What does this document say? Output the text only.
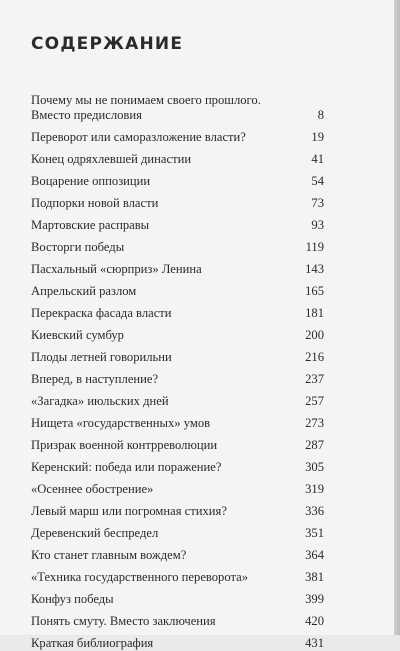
СОДЕРЖАНИЕ
Почему мы не понимаем своего прошлого.
Вместо предисловия	8
Переворот или саморазложение власти?	19
Конец одряхлевшей династии	41
Воцарение оппозиции	54
Подпорки новой власти	73
Мартовские расправы	93
Восторги победы	119
Пасхальный «сюрприз» Ленина	143
Апрельский разлом	165
Перекраска фасада власти	181
Киевский сумбур	200
Плоды летней говорильни	216
Вперед, в наступление?	237
«Загадка» июльских дней	257
Нищета «государственных» умов	273
Призрак военной контрреволюции	287
Керенский: победа или поражение?	305
«Осеннее обострение»	319
Левый марш или погромная стихия?	336
Деревенский беспредел	351
Кто станет главным вождем?	364
«Техника государственного переворота»	381
Конфуз победы	399
Понять смуту. Вместо заключения	420
Краткая библиография	431
